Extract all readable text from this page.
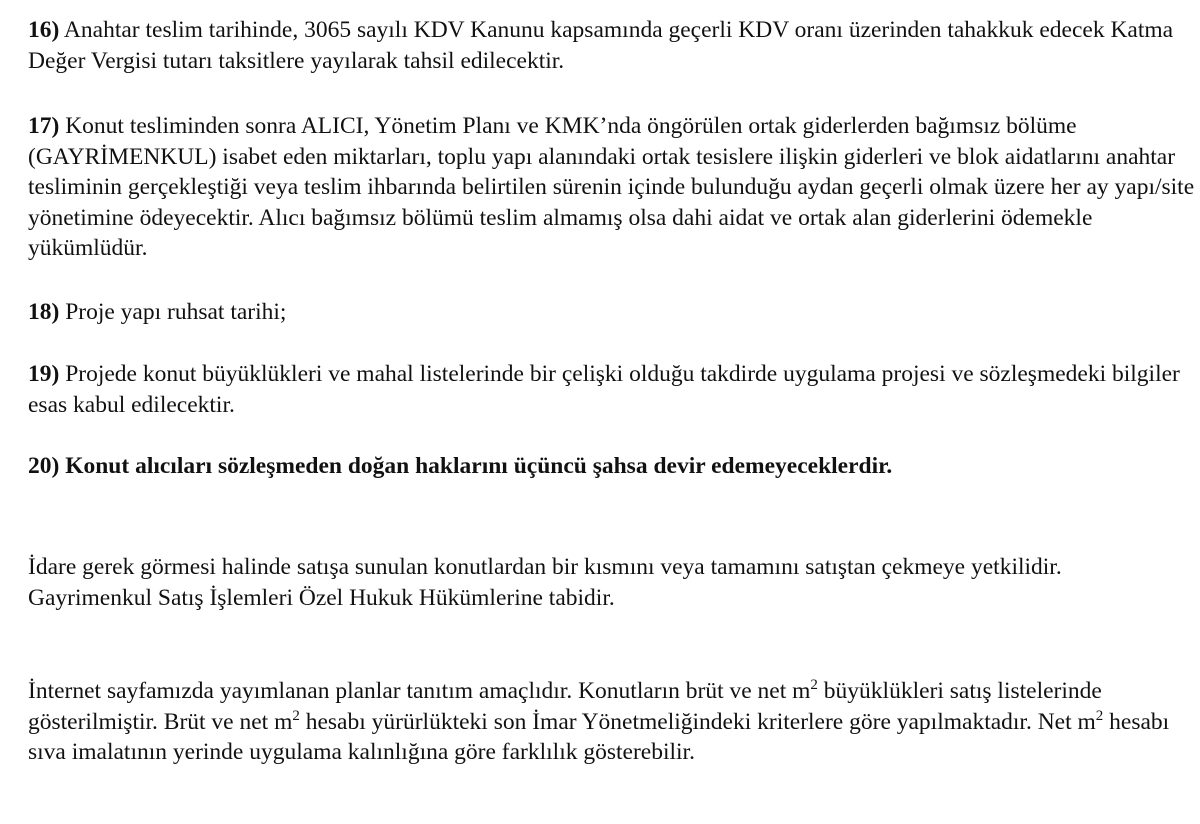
16) Anahtar teslim tarihinde, 3065 sayılı KDV Kanunu kapsamında geçerli KDV oranı üzerinden tahakkuk edecek Katma Değer Vergisi tutarı taksitlere yayılarak tahsil edilecektir.

17) Konut tesliminden sonra ALICI, Yönetim Planı ve KMK’nda öngörülen ortak giderlerden bağımsız bölüme (GAYRİMENKUL) isabet eden miktarları, toplu yapı alanındaki ortak tesislere ilişkin giderleri ve blok aidatlarını anahtar tesliminin gerçekleştiği veya teslim ihbarında belirtilen sürenin içinde bulunduğu aydan geçerli olmak üzere her ay yapı/site yönetimine ödeyecektir. Alıcı bağımsız bölümü teslim almamış olsa dahi aidat ve ortak alan giderlerini ödemekle yükümlüdür.

18) Proje yapı ruhsat tarihi;

19) Projede konut büyüklükleri ve mahal listelerinde bir çelişki olduğu takdirde uygulama projesi ve sözleşmedeki bilgiler esas kabul edilecektir.

20) Konut alıcıları sözleşmeden doğan haklarını üçüncü şahsa devir edemeyeceklerdir.

İdare gerek görmesi halinde satışa sunulan konutlardan bir kısmını veya tamamını satıştan çekmeye yetkilidir.
Gayrimenkul Satış İşlemleri Özel Hukuk Hükümlerine tabidir.

İnternet sayfamızda yayımlanan planlar tanıtım amaçlıdır. Konutların brüt ve net $m^2$ büyüklükleri satış listelerinde gösterilmiştir. Brüt ve net $m^2$ hesabı yürürlükteki son İmar Yönetmeliğindeki kriterlere göre yapılmaktadır. Net $m^2$ hesabı sıva imalatının yerinde uygulama kalınlığına göre farklılık gösterebilir.
